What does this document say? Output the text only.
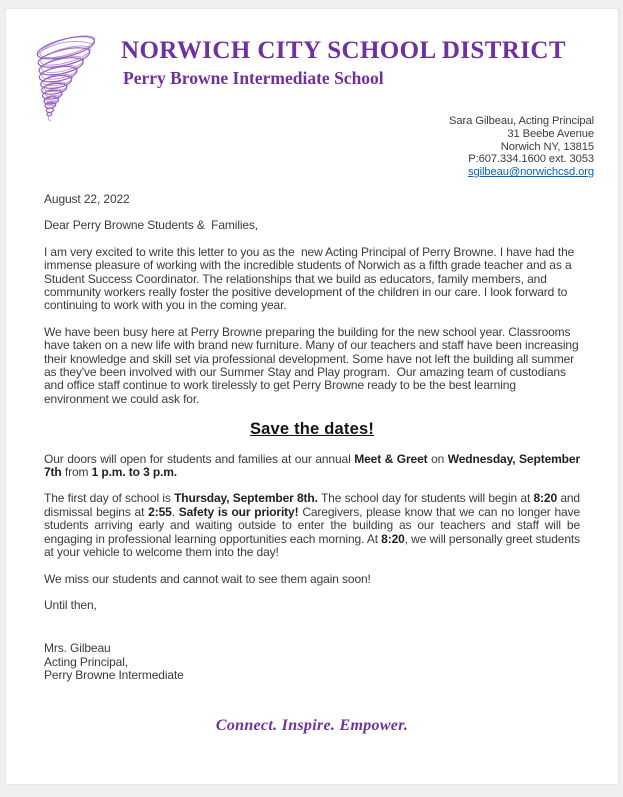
NORWICH CITY SCHOOL DISTRICT
Perry Browne Intermediate School
Sara Gilbeau, Acting Principal
31 Beebe Avenue
Norwich NY, 13815
P:607.334.1600 ext. 3053
sgilbeau@norwichcsd.org

August 22, 2022

Dear Perry Browne Students &  Families,

I am very excited to write this letter to you as the  new Acting Principal of Perry Browne. I have had the immense pleasure of working with the incredible students of Norwich as a fifth grade teacher and as a Student Success Coordinator. The relationships that we build as educators, family members, and community workers really foster the positive development of the children in our care. I look forward to continuing to work with you in the coming year.

We have been busy here at Perry Browne preparing the building for the new school year. Classrooms have taken on a new life with brand new furniture. Many of our teachers and staff have been increasing their knowledge and skill set via professional development. Some have not left the building all summer as they've been involved with our Summer Stay and Play program.  Our amazing team of custodians and office staff continue to work tirelessly to get Perry Browne ready to be the best learning environment we could ask for.

Save the dates!

Our doors will open for students and families at our annual Meet & Greet on Wednesday, September 7th from 1 p.m. to 3 p.m.

The first day of school is Thursday, September 8th. The school day for students will begin at 8:20 and dismissal begins at 2:55. Safety is our priority! Caregivers, please know that we can no longer have students arriving early and waiting outside to enter the building as our teachers and staff will be engaging in professional learning opportunities each morning. At 8:20, we will personally greet students at your vehicle to welcome them into the day!

We miss our students and cannot wait to see them again soon!

Until then,

Mrs. Gilbeau
Acting Principal,
Perry Browne Intermediate
Connect. Inspire. Empower.
